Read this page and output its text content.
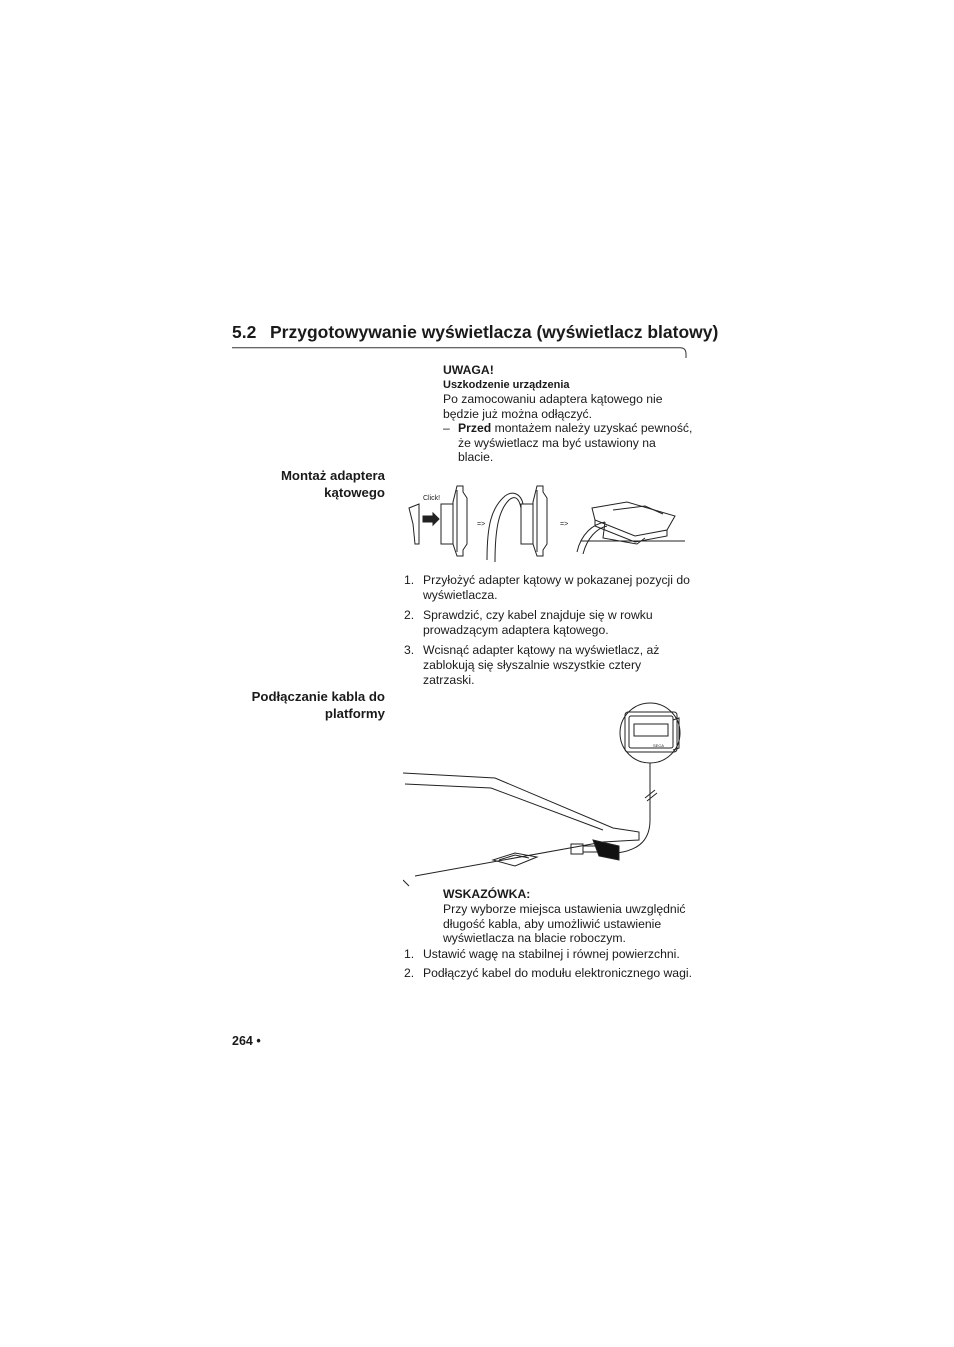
5.2 Przygotowywanie wyświetlacza (wyświetlacz blatowy)
UWAGA!
Uszkodzenie urządzenia
Po zamocowaniu adaptera kątowego nie będzie już można odłączyć.
– Przed montażem należy uzyskać pewność, że wyświetlacz ma być ustawiony na blacie.
Montaż adaptera kątowego	Click!
=>	=>
1. Przyłożyć adapter kątowy w pokazanej pozycji do wyświetlacza.
2. Sprawdzić, czy kabel znajduje się w rowku prowadzącym adaptera kątowego.
3. Wcisnąć adapter kątowy na wyświetlacz, aż zablokują się słyszalnie wszystkie cztery zatrzaski.
Podłączanie kabla do platformy
SECA
WSKAZÓWKA:
Przy wyborze miejsca ustawienia uwzględnić długość kabla, aby umożliwić ustawienie wyświetlacza na blacie roboczym.
1. Ustawić wagę na stabilnej i równej powierzchni.
2. Podłączyć kabel do modułu elektronicznego wagi.
264 •
